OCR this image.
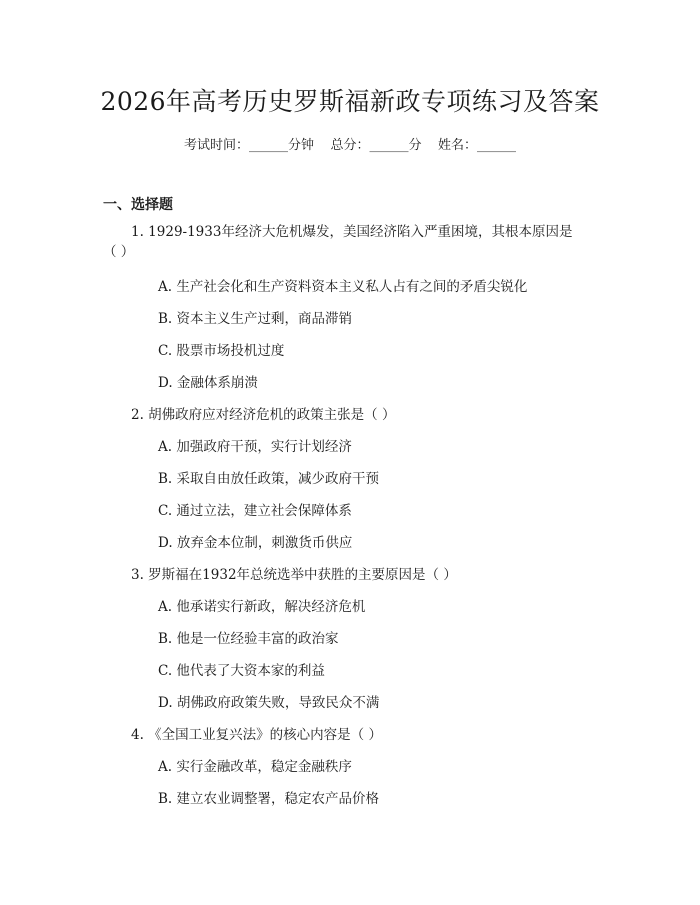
2026年高考历史罗斯福新政专项练习及答案
考试时间：______分钟    总分：______分    姓名：______
一、选择题
1. 1929-1933年经济大危机爆发，美国经济陷入严重困境，其根本原因是（ ）
A. 生产社会化和生产资料资本主义私人占有之间的矛盾尖锐化
B. 资本主义生产过剩，商品滞销
C. 股票市场投机过度
D. 金融体系崩溃
2. 胡佛政府应对经济危机的政策主张是（ ）
A. 加强政府干预，实行计划经济
B. 采取自由放任政策，减少政府干预
C. 通过立法，建立社会保障体系
D. 放弃金本位制，刺激货币供应
3. 罗斯福在1932年总统选举中获胜的主要原因是（ ）
A. 他承诺实行新政，解决经济危机
B. 他是一位经验丰富的政治家
C. 他代表了大资本家的利益
D. 胡佛政府政策失败，导致民众不满
4. 《全国工业复兴法》的核心内容是（ ）
A. 实行金融改革，稳定金融秩序
B. 建立农业调整署，稳定农产品价格
